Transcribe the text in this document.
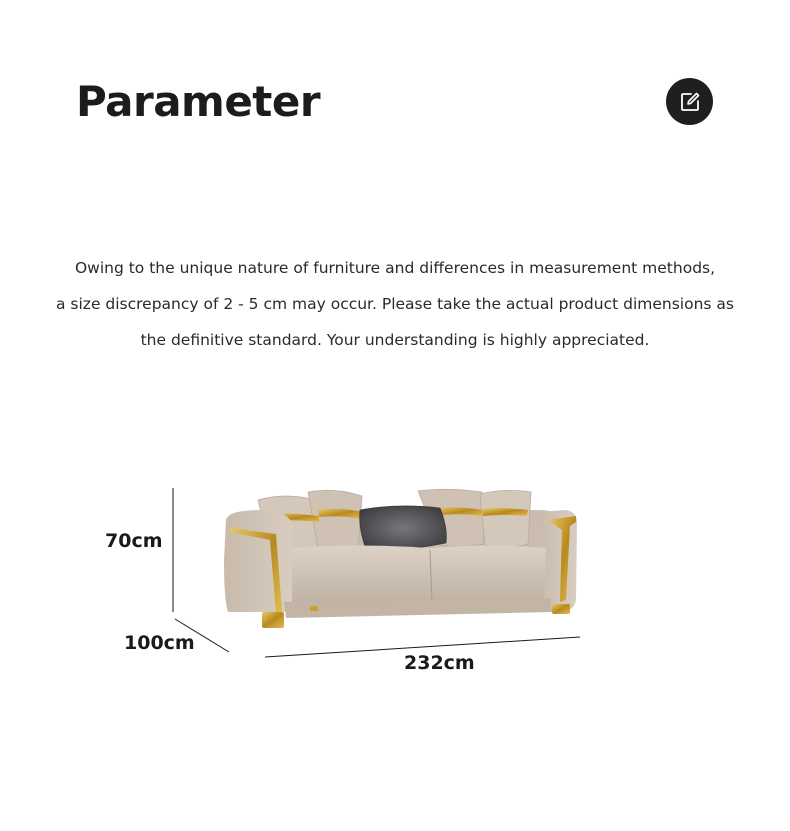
Parameter

Owing to the unique nature of furniture and differences in measurement methods,

a size discrepancy of 2 - 5 cm may occur. Please take the actual product dimensions as

the definitive standard. Your understanding is highly appreciated.

70cm
100cm
232cm
